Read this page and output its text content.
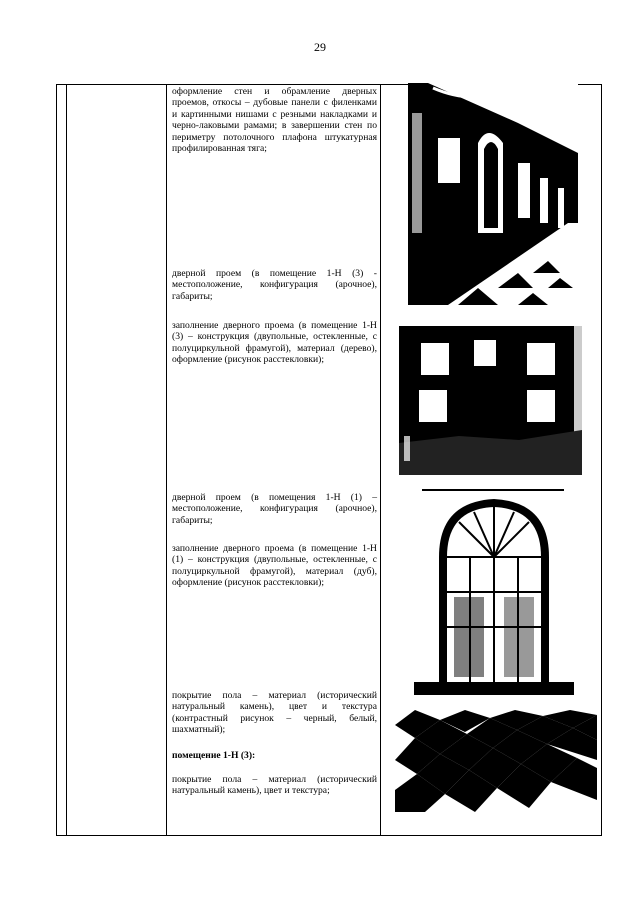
29
оформление стен и обрамление дверных проемов, откосы – дубовые панели с филенками и картинными нишами с резными накладками и черно-лаковыми рамами; в завершении стен по периметру потолочного плафона штукатурная профилированная тяга;
дверной проем (в помещение 1-Н (3) - местоположение, конфигурация (арочное), габариты;
заполнение дверного проема (в помещение 1-Н (3) – конструкция (двупольные, остекленные, с полуциркульной фрамугой), материал (дерево), оформление (рисунок расстекловки);
дверной проем (в помещения 1-Н (1) – местоположение, конфигурация (арочное), габариты;
заполнение дверного проема (в помещение 1-Н (1) – конструкция (двупольные, остекленные, с полуциркульной фрамугой), материал (дуб), оформление (рисунок расстекловки);
покрытие пола – материал (исторический натуральный камень), цвет и текстура (контрастный рисунок – черный, белый, шахматный);
помещение 1-Н (3):
покрытие пола – материал (исторический натуральный камень), цвет и текстура;
